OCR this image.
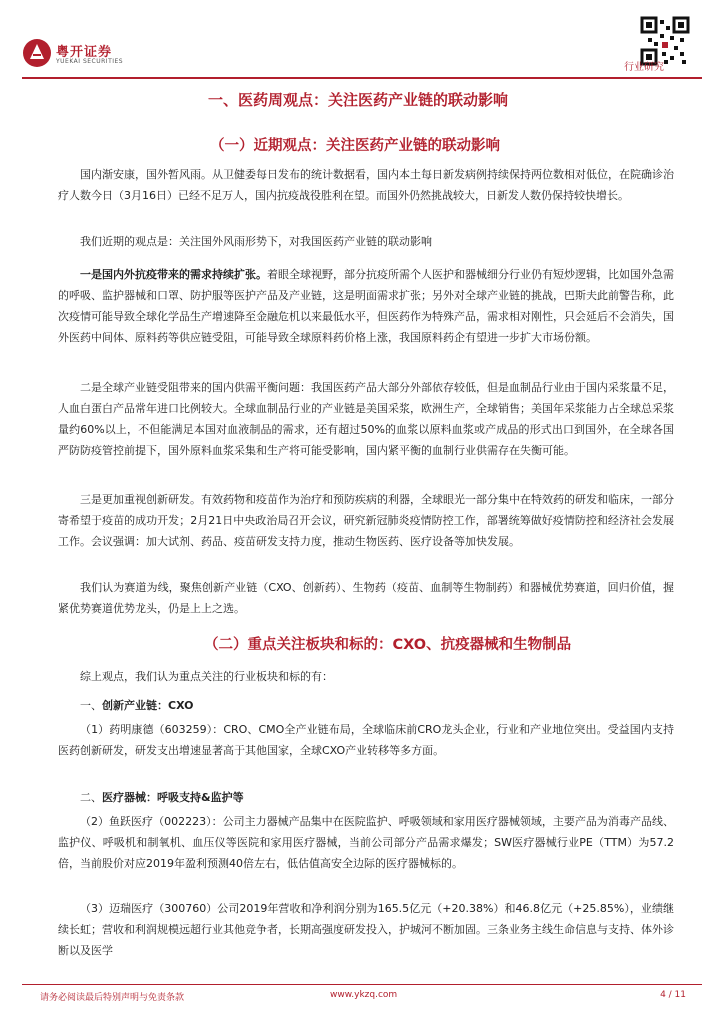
粤开证券
YUEKAI SECURITIES
行业研究
一、医药周观点：关注医药产业链的联动影响
（一）近期观点：关注医药产业链的联动影响

国内渐安康，国外暂风雨。从卫健委每日发布的统计数据看，国内本土每日新发病例持续保持两位数相对低位，在院确诊治疗人数今日（3月16日）已经不足万人，国内抗疫战役胜利在望。而国外仍然挑战较大，日新发人数仍保持较快增长。

我们近期的观点是：关注国外风雨形势下，对我国医药产业链的联动影响

一是国内外抗疫带来的需求持续扩张。着眼全球视野，部分抗疫所需个人医护和器械细分行业仍有短炒逻辑，比如国外急需的呼吸、监护器械和口罩、防护服等医护产品及产业链，这是明面需求扩张；另外对全球产业链的挑战，巴斯夫此前警告称，此次疫情可能导致全球化学品生产增速降至金融危机以来最低水平，但医药作为特殊产品，需求相对刚性，只会延后不会消失，国外医药中间体、原料药等供应链受阻，可能导致全球原料药价格上涨，我国原料药企有望进一步扩大市场份额。

二是全球产业链受阻带来的国内供需平衡问题：我国医药产品大部分外部依存较低，但是血制品行业由于国内采浆量不足，人血白蛋白产品常年进口比例较大。全球血制品行业的产业链是美国采浆，欧洲生产，全球销售；美国年采浆能力占全球总采浆量约60%以上，不但能满足本国对血液制品的需求，还有超过50%的血浆以原料血浆或产成品的形式出口到国外，在全球各国严防防疫管控前提下，国外原料血浆采集和生产将可能受影响，国内紧平衡的血制行业供需存在失衡可能。

三是更加重视创新研发。有效药物和疫苗作为治疗和预防疾病的利器，全球眼光一部分集中在特效药的研发和临床，一部分寄希望于疫苗的成功开发；2月21日中央政治局召开会议，研究新冠肺炎疫情防控工作，部署统筹做好疫情防控和经济社会发展工作。会议强调：加大试剂、药品、疫苗研发支持力度，推动生物医药、医疗设备等加快发展。

我们认为赛道为线，聚焦创新产业链（CXO、创新药）、生物药（疫苗、血制等生物制药）和器械优势赛道，回归价值，握紧优势赛道优势龙头，仍是上上之选。

（二）重点关注板块和标的：CXO、抗疫器械和生物制品

综上观点，我们认为重点关注的行业板块和标的有：

一、创新产业链：CXO

（1）药明康德（603259）：CRO、CMO全产业链布局，全球临床前CRO龙头企业，行业和产业地位突出。受益国内支持医药创新研发，研发支出增速显著高于其他国家，全球CXO产业转移等多方面。

二、医疗器械：呼吸支持&监护等

（2）鱼跃医疗（002223）：公司主力器械产品集中在医院监护、呼吸领域和家用医疗器械领域，主要产品为消毒产品线、监护仪、呼吸机和制氧机、血压仪等医院和家用医疗器械，当前公司部分产品需求爆发；SW医疗器械行业PE（TTM）为57.2倍，当前股价对应2019年盈利预测40倍左右，低估值高安全边际的医疗器械标的。

（3）迈瑞医疗（300760）公司2019年营收和净利润分别为165.5亿元（+20.38%）和46.8亿元（+25.85%），业绩继续长虹；营收和利润规模远超行业其他竞争者，长期高强度研发投入，护城河不断加固。三条业务主线生命信息与支持、体外诊断以及医学

请务必阅读最后特别声明与免责条款	www.ykzq.com	4 / 11
